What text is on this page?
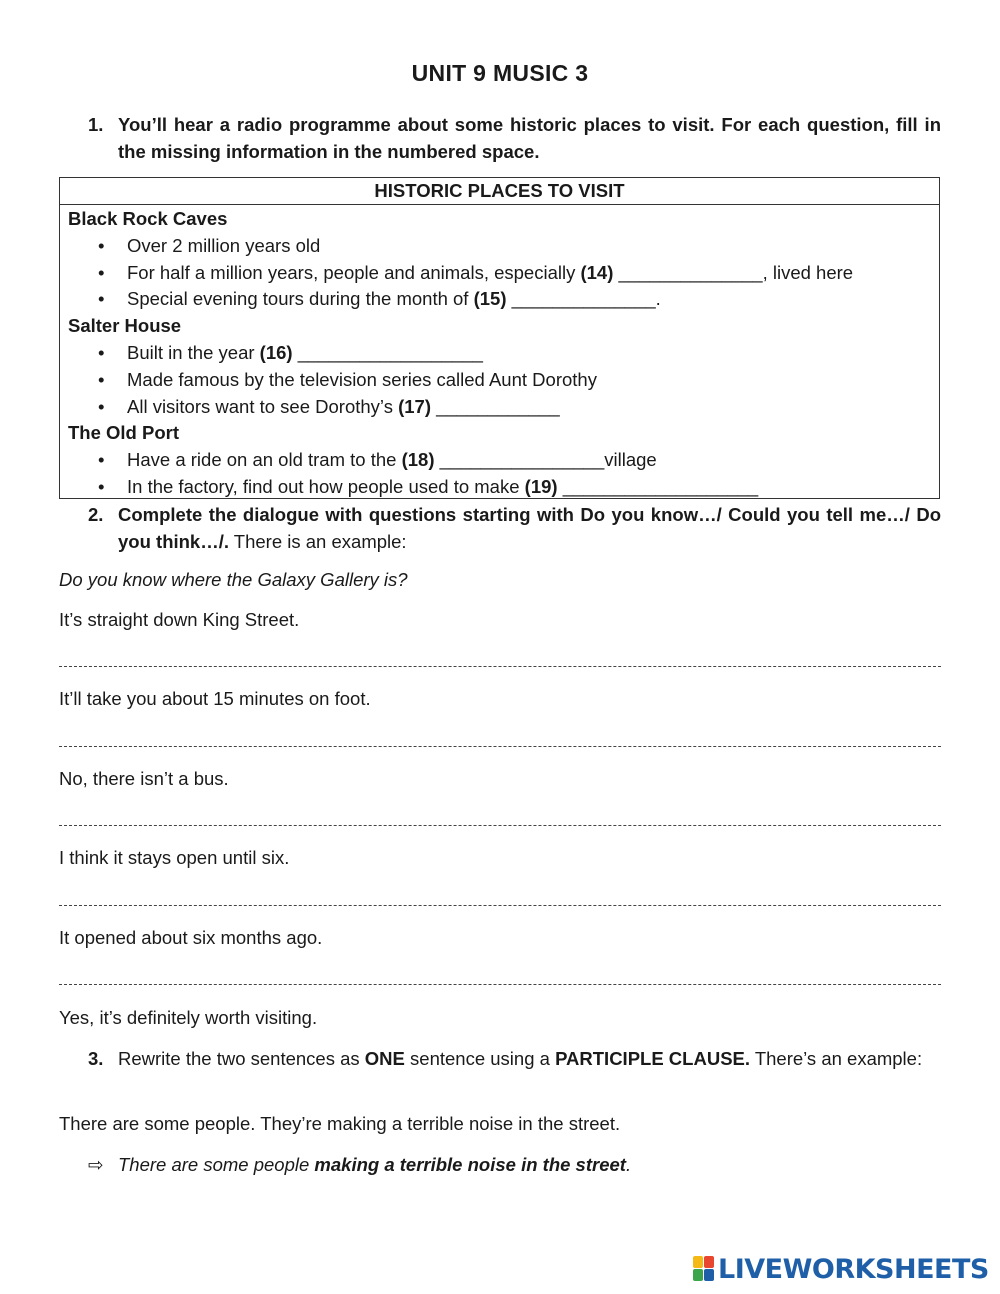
UNIT 9 MUSIC 3
1. You’ll hear a radio programme about some historic places to visit. For each question, fill in the missing information in the numbered space.
HISTORIC PLACES TO VISIT
Black Rock Caves
• Over 2 million years old
• For half a million years, people and animals, especially (14) ______________, lived here
• Special evening tours during the month of (15) ______________.
Salter House
• Built in the year (16) __________________
• Made famous by the television series called Aunt Dorothy
• All visitors want to see Dorothy’s (17) ____________
The Old Port
• Have a ride on an old tram to the (18) ________________village
• In the factory, find out how people used to make (19) ___________________
2. Complete the dialogue with questions starting with Do you know…/ Could you tell me…/ Do you think…/. There is an example:
Do you know where the Galaxy Gallery is?
It’s straight down King Street.
It’ll take you about 15 minutes on foot.
No, there isn’t a bus.
I think it stays open until six.
It opened about six months ago.
Yes, it’s definitely worth visiting.
3. Rewrite the two sentences as ONE sentence using a PARTICIPLE CLAUSE. There’s an example:
There are some people. They’re making a terrible noise in the street.
⇨ There are some people making a terrible noise in the street.
LIVEWORKSHEETS
